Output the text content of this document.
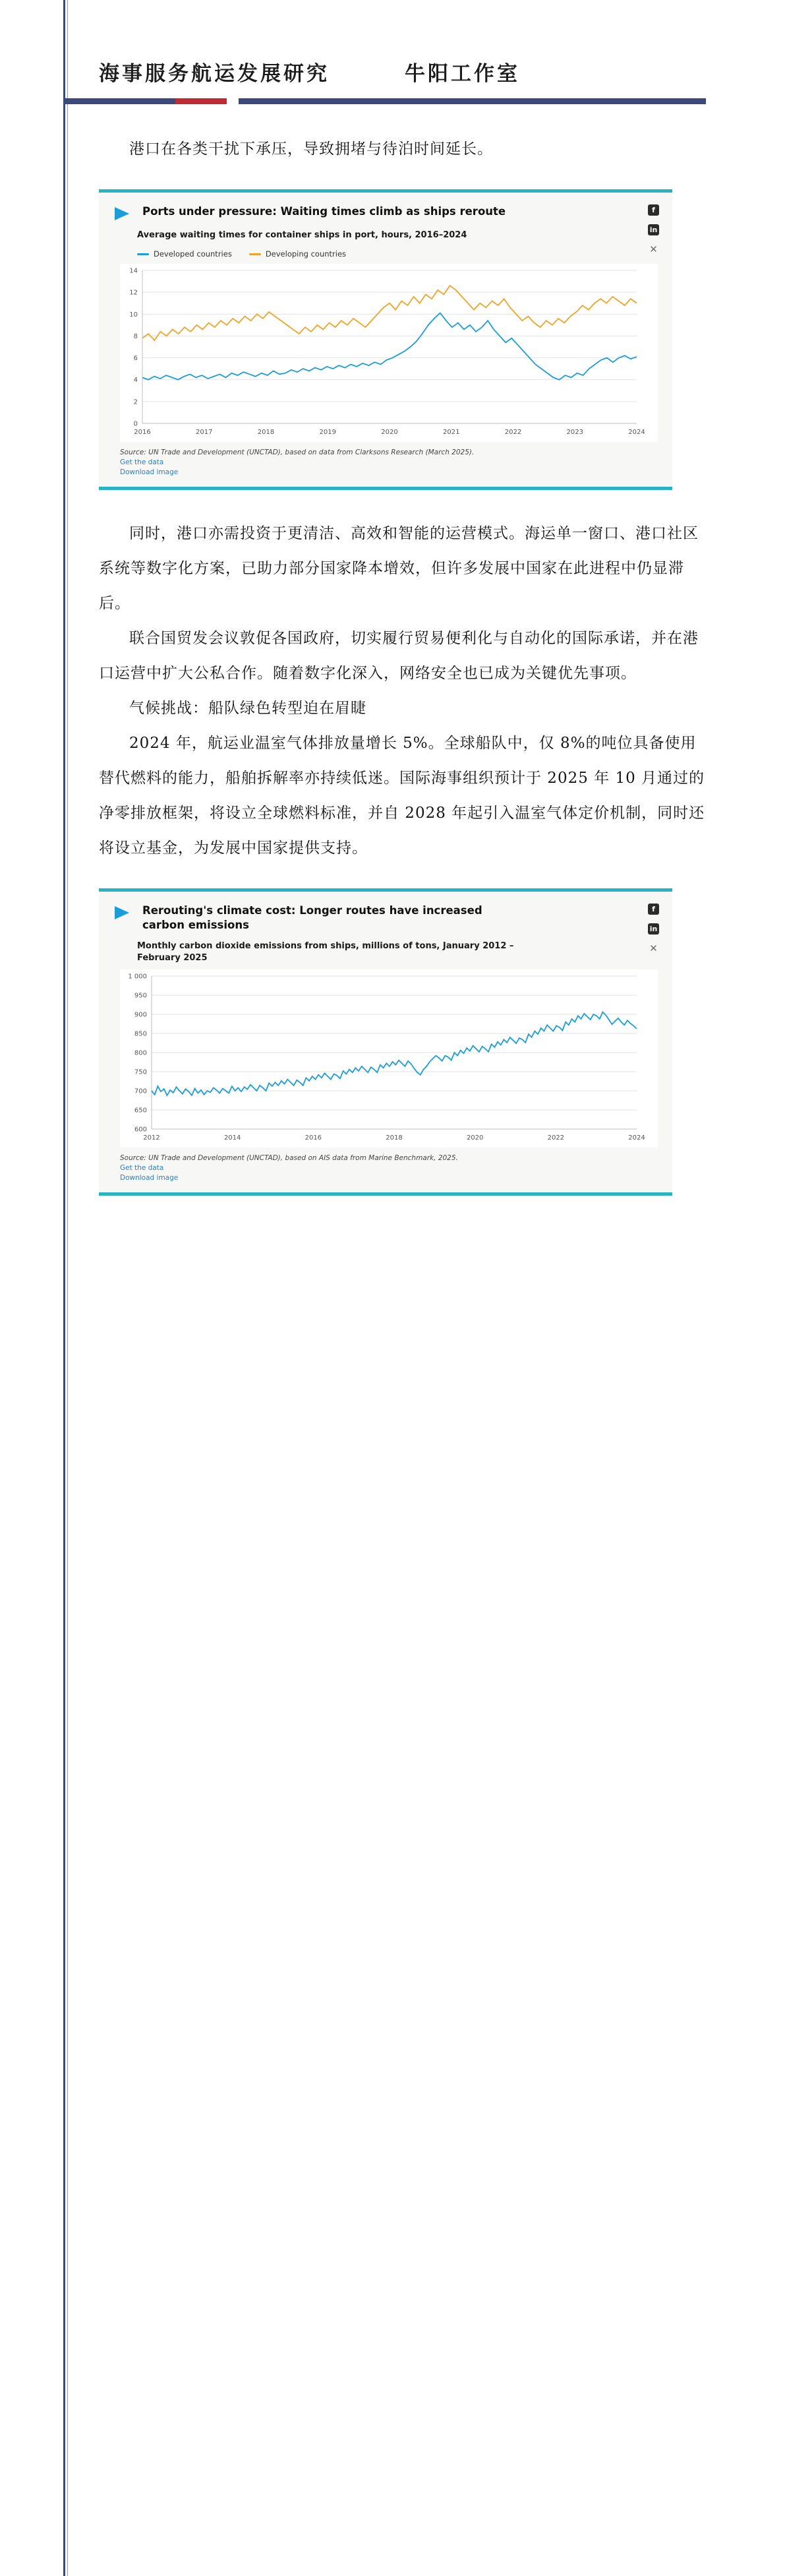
海事服务航运发展研究	牛阳工作室

港口在各类干扰下承压，导致拥堵与待泊时间延长。

Ports under pressure: Waiting times climb as ships reroute	f
in
✕
Average waiting times for container ships in port, hours, 2016–2024
Developed countries	Developing countries
0
2
4
6
8
10
12
14
2016	2017	2018	2019	2020	2021	2022	2023	2024
Source: UN Trade and Development (UNCTAD), based on data from Clarksons Research (March 2025).
Get the data
Download image

同时，港口亦需投资于更清洁、高效和智能的运营模式。海运单一窗口、港口社区系统等数字化方案，已助力部分国家降本增效，但许多发展中国家在此进程中仍显滞后。

联合国贸发会议敦促各国政府，切实履行贸易便利化与自动化的国际承诺，并在港口运营中扩大公私合作。随着数字化深入，网络安全也已成为关键优先事项。

气候挑战：船队绿色转型迫在眉睫

2024 年，航运业温室气体排放量增长 5%。全球船队中，仅 8%的吨位具备使用替代燃料的能力，船舶拆解率亦持续低迷。国际海事组织预计于 2025 年 10 月通过的净零排放框架，将设立全球燃料标准，并自 2028 年起引入温室气体定价机制，同时还将设立基金，为发展中国家提供支持。

Rerouting's climate cost: Longer routes have increased carbon emissions
f
in
✕
Monthly carbon dioxide emissions from ships, millions of tons, January 2012 – February 2025
600
650
700
750
800
850
900
950
1 000
2012	2014	2016	2018	2020	2022	2024
Source: UN Trade and Development (UNCTAD), based on AIS data from Marine Benchmark, 2025.
Get the data
Download image
